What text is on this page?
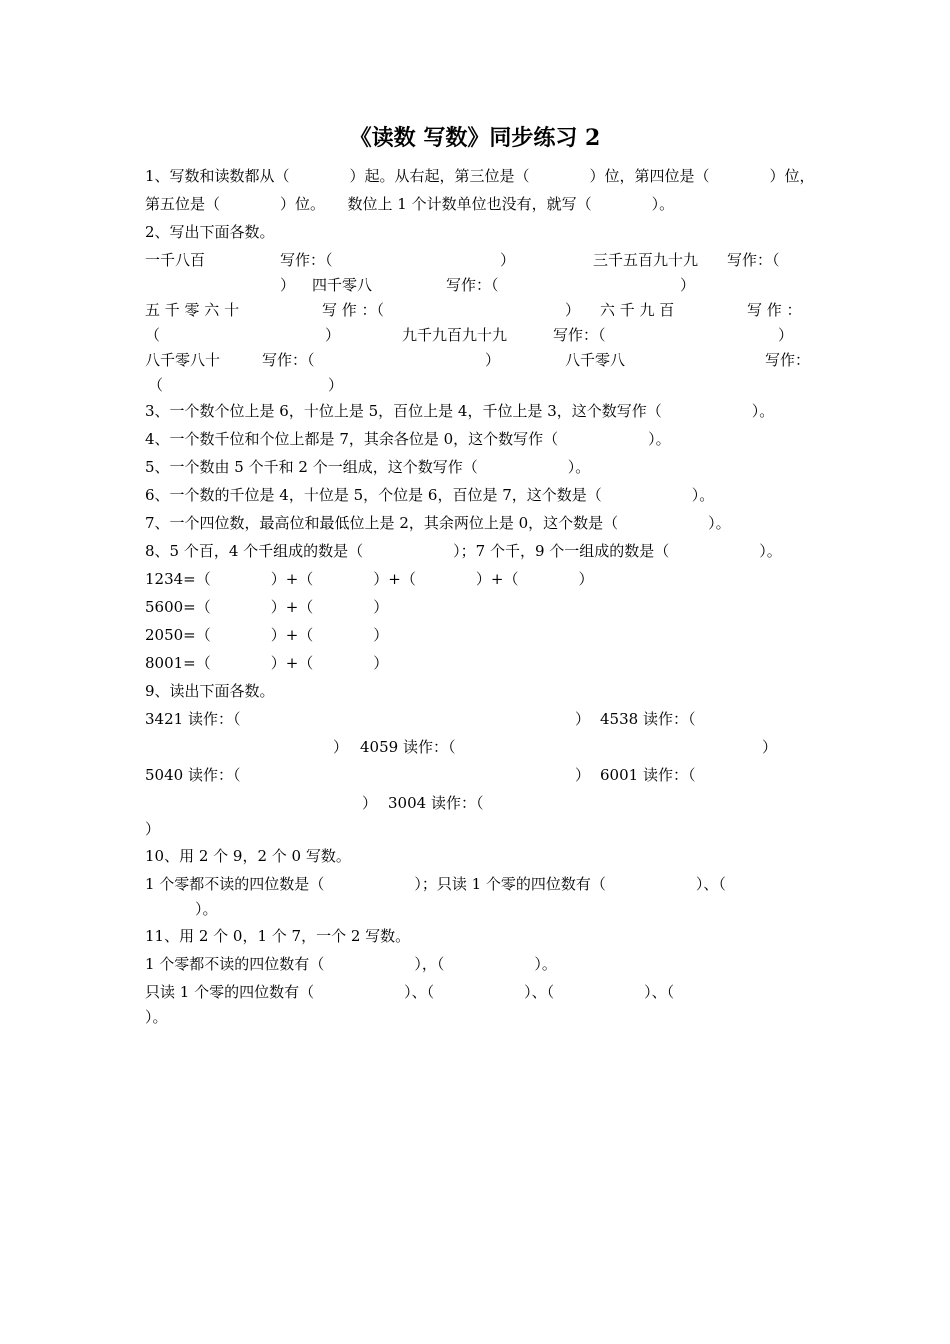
《读数 写数》同步练习 2
1、写数和读数都从（　　　　）起。从右起，第三位是（　　　　）位，第四位是（　　　　）位，
第五位是（　　　　）位。　　数位上 1 个计数单位也没有，就写（　　　　）。
2、写出下面各数。
一千八百	写作：（	）	三千五百九十九 写作：（
） 四千零八	写作：（	）
五 千 零 六 十	写 作 ：（	） 六 千 九 百	写 作 ：
（	）	九千九百九十九	写作：（	）
八千零八十	写作：（	）	八千零八	写作：
（	）
3、一个数个位上是 6，十位上是 5，百位上是 4，千位上是 3，这个数写作（　　　　　　）。
4、一个数千位和个位上都是 7，其余各位是 0，这个数写作（　　　　　　）。
5、一个数由 5 个千和 2 个一组成，这个数写作（　　　　　　）。
6、一个数的千位是 4，十位是 5，个位是 6，百位是 7，这个数是（　　　　　　）。
7、一个四位数，最高位和最低位上是 2，其余两位上是 0，这个数是（　　　　　　）。
8、5 个百，4 个千组成的数是（　　　　　　）；7 个千，9 个一组成的数是（　　　　　　）。
1234=（　　　　）+（　　　　）+（　　　　）+（　　　　）
5600=（　　　　）+（　　　　）
2050=（　　　　）+（　　　　）
8001=（　　　　）+（　　　　）
9、读出下面各数。
3421 读作：（	） 4538 读作：（
） 4059 读作：（	）
5040 读作：（	） 6001 读作：（
） 3004 读作：（
）
10、用 2 个 9，2 个 0 写数。
1 个零都不读的四位数是（　　　　　　）；只读 1 个零的四位数有（　　　　　　）、（
）。
11、用 2 个 0，1 个 7，一个 2 写数。
1 个零都不读的四位数有（　　　　　　），（　　　　　　）。
只读 1 个零的四位数有（　　　　　　）、（　　　　　　）、（　　　　　　）、（
）。
